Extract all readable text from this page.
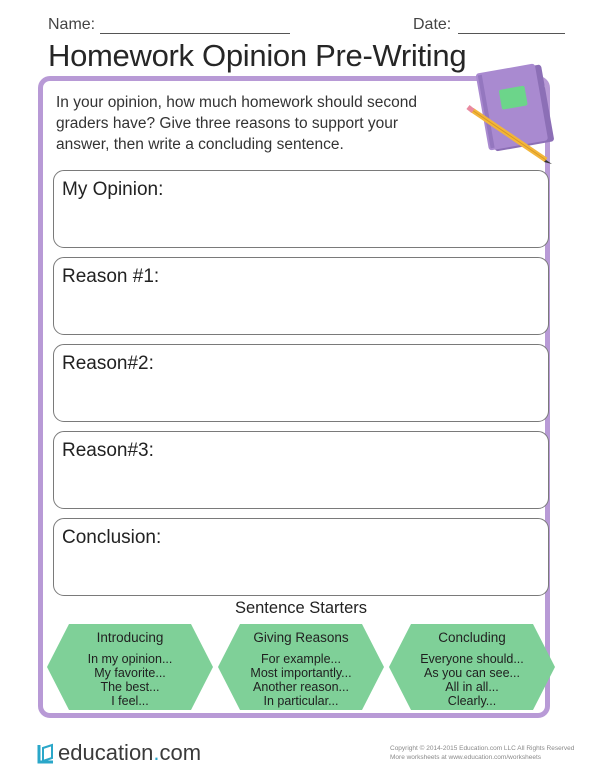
Name:	Date:
Homework Opinion Pre-Writing
In your opinion, how much homework should second graders have? Give three reasons to support your answer, then write a concluding sentence.
My Opinion:
Reason #1:
Reason#2:
Reason#3:
Conclusion:
Sentence Starters
Introducing
In my opinion...
My favorite...
The best...
I feel...
Giving Reasons
For example...
Most importantly...
Another reason...
In particular...
Concluding
Everyone should...
As you can see...
All in all...
Clearly...
education.com	Copyright © 2014-2015 Education.com LLC All Rights Reserved
More worksheets at www.education.com/worksheets
